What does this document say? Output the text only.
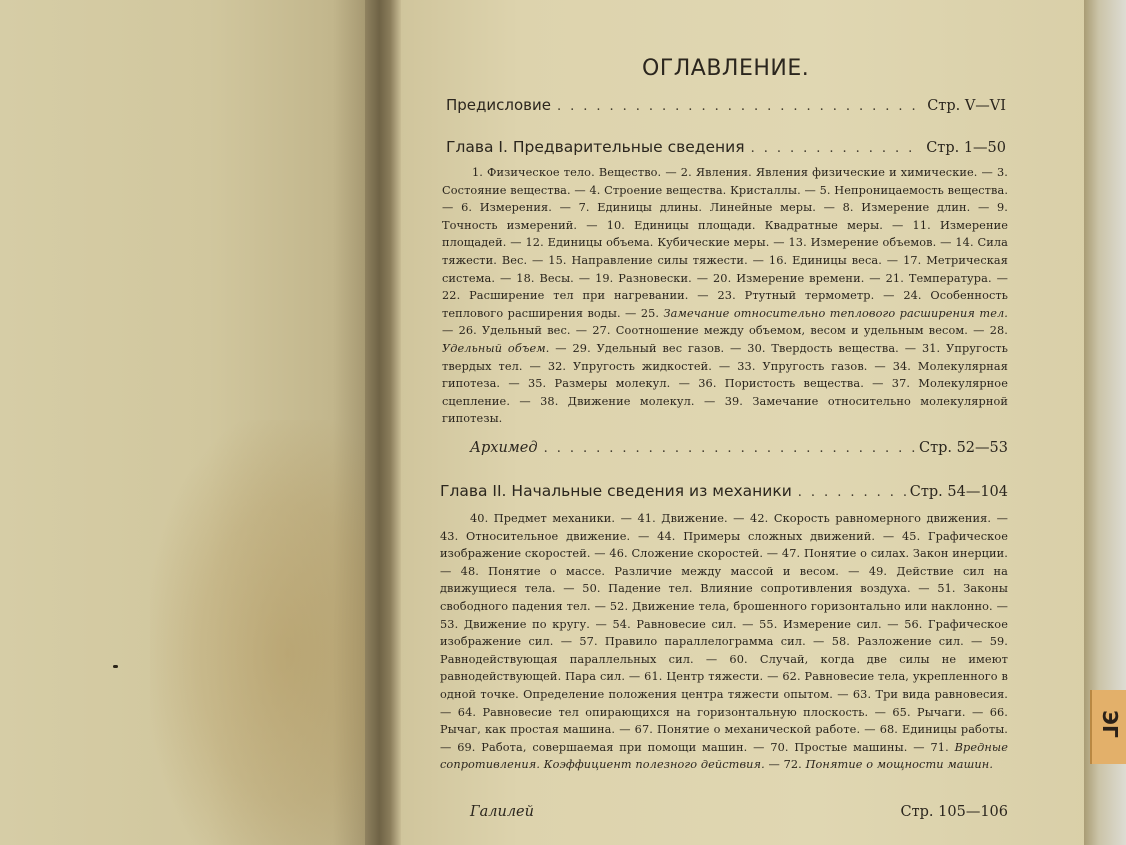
ЭГ
ОГЛАВЛЕНИЕ.
Предисловие .....	Стр. V—VI
Глава I. Предварительные сведения .....	Стр. 1—50

1. Физическое тело. Вещество. — 2. Явления. Явления физические и химические. — 3. Состояние вещества. — 4. Строение вещества. Кристаллы. — 5. Непроницаемость вещества. — 6. Измерения. — 7. Единицы длины. Линейные меры. — 8. Измерение длин. — 9. Точность измерений. — 10. Единицы площади. Квадратные меры. — 11. Измерение площадей. — 12. Единицы объема. Кубические меры. — 13. Измерение объемов. — 14. Сила тяжести. Вес. — 15. Направление силы тяжести. — 16. Единицы веса. — 17. Метрическая система. — 18. Весы. — 19. Разновески. — 20. Измерение времени. — 21. Температура. — 22. Расширение тел при нагревании. — 23. Ртутный термометр. — 24. Особенность теплового расширения воды. — 25. Замечание относительно теплового расширения тел. — 26. Удельный вес. — 27. Соотношение между объемом, весом и удельным весом. — 28. Удельный объем. — 29. Удельный вес газов. — 30. Твердость вещества. — 31. Упругость твердых тел. — 32. Упругость жидкостей. — 33. Упругость газов. — 34. Молекулярная гипотеза. — 35. Размеры молекул. — 36. Пористость вещества. — 37. Молекулярное сцепление. — 38. Движение молекул. — 39. Замечание относительно молекулярной гипотезы.

Архимед .....	Стр. 52—53
Глава II. Начальные сведения из механики .....	Стр. 54—104

40. Предмет механики. — 41. Движение. — 42. Скорость равномерного движения. — 43. Относительное движение. — 44. Примеры сложных движений. — 45. Графическое изображение скоростей. — 46. Сложение скоростей. — 47. Понятие о силах. Закон инерции. — 48. Понятие о массе. Различие между массой и весом. — 49. Действие сил на движущиеся тела. — 50. Падение тел. Влияние сопротивления воздуха. — 51. Законы свободного падения тел. — 52. Движение тела, брошенного горизонтально или наклонно. — 53. Движение по кругу. — 54. Равновесие сил. — 55. Измерение сил. — 56. Графическое изображение сил. — 57. Правило параллелограмма сил. — 58. Разложение сил. — 59. Равнодействующая параллельных сил. — 60. Случай, когда две силы не имеют равнодействующей. Пара сил. — 61. Центр тяжести. — 62. Равновесие тела, укрепленного в одной точке. Определение положения центра тяжести опытом. — 63. Три вида равновесия. — 64. Равновесие тел опирающихся на горизонтальную плоскость. — 65. Рычаги. — 66. Рычаг, как простая машина. — 67. Понятие о механической работе. — 68. Единицы работы. — 69. Работа, совершаемая при помощи машин. — 70. Простые машины. — 71. Вредные сопротивления. Коэффициент полезного действия. — 72. Понятие о мощности машин.

Галилей	Стр. 105—106
